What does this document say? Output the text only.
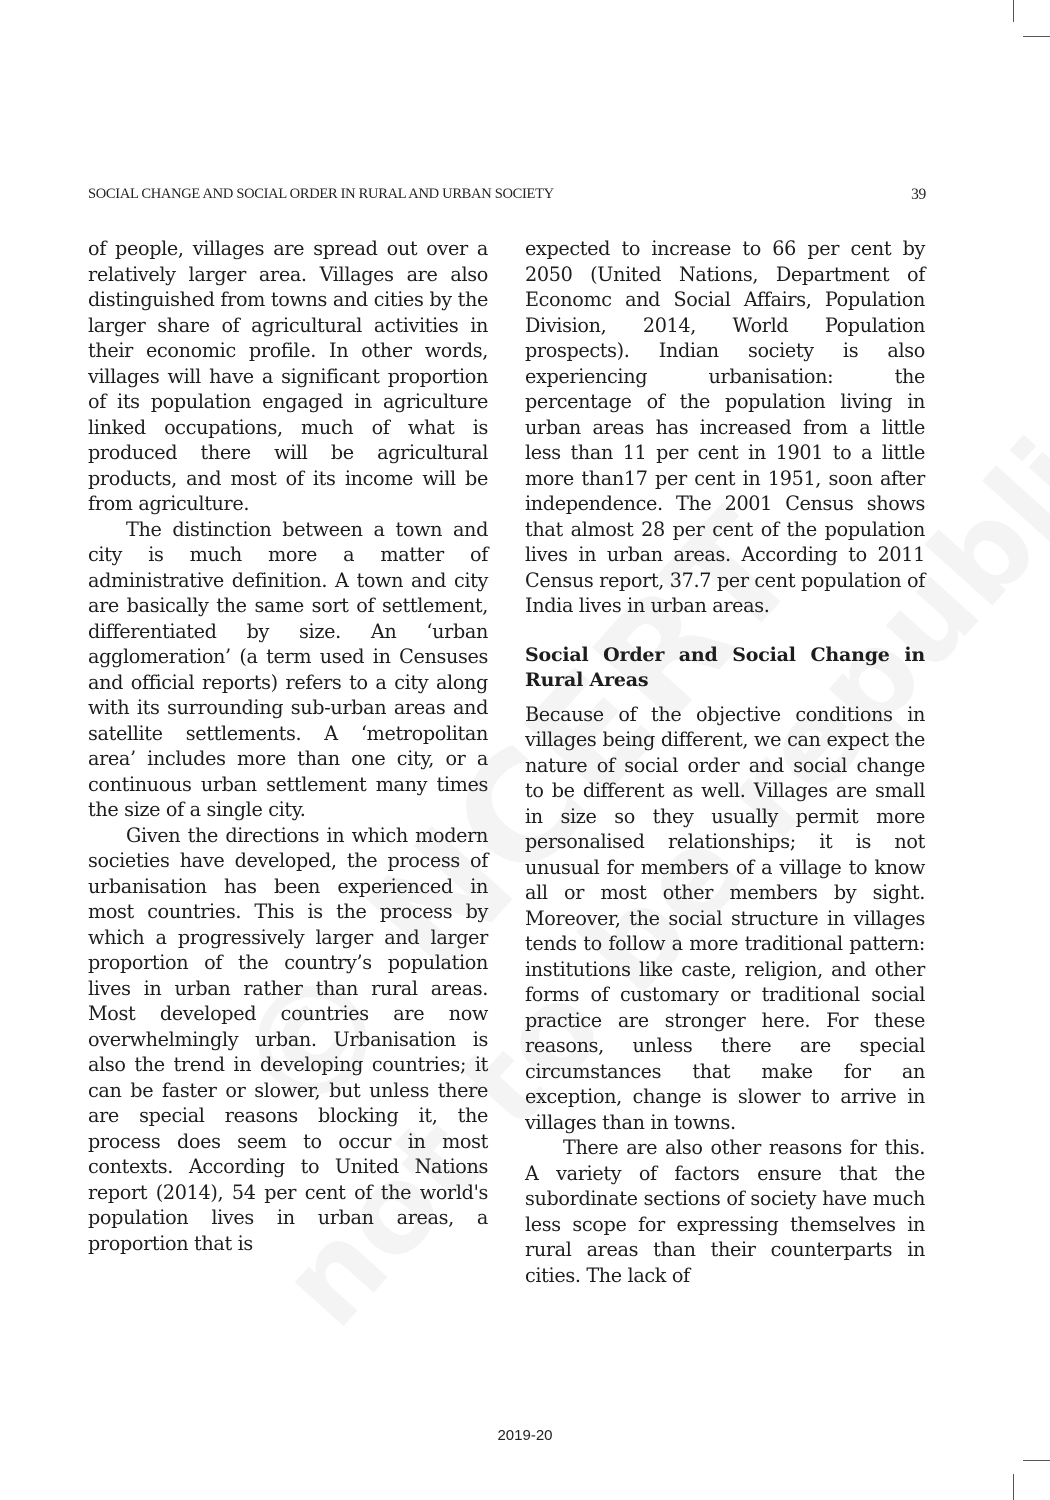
SOCIAL CHANGE AND SOCIAL ORDER IN RURAL AND URBAN SOCIETY	39

of people, villages are spread out over a relatively larger area. Villages are also distinguished from towns and cities by the larger share of agricultural activities in their economic profile. In other words, villages will have a significant proportion of its population engaged in agriculture linked occupations, much of what is produced there will be agricultural products, and most of its income will be from agriculture.

The distinction between a town and city is much more a matter of administrative definition. A town and city are basically the same sort of settlement, differentiated by size. An ‘urban agglomeration’ (a term used in Censuses and official reports) refers to a city along with its surrounding sub-urban areas and satellite settlements. A ‘metropolitan area’ includes more than one city, or a continuous urban settlement many times the size of a single city.

Given the directions in which modern societies have developed, the process of urbanisation has been experienced in most countries. This is the process by which a progressively larger and larger proportion of the country’s population lives in urban rather than rural areas. Most developed countries are now overwhelmingly urban. Urbanisation is also the trend in developing countries; it can be faster or slower, but unless there are special reasons blocking it, the process does seem to occur in most contexts. According to United Nations report (2014), 54 per cent of the world's population lives in urban areas, a proportion that is

expected to increase to 66 per cent by 2050 (United Nations, Department of Economc and Social Affairs, Population Division, 2014, World Population prospects). Indian society is also experiencing urbanisation: the percentage of the population living in urban areas has increased from a little less than 11 per cent in 1901 to a little more than17 per cent in 1951, soon after independence. The 2001 Census shows that almost 28 per cent of the population lives in urban areas. According to 2011 Census report, 37.7 per cent population of India lives in urban areas.

Social Order and Social Change in Rural Areas

Because of the objective conditions in villages being different, we can expect the nature of social order and social change to be different as well. Villages are small in size so they usually permit more personalised relationships; it is not unusual for members of a village to know all or most other members by sight. Moreover, the social structure in villages tends to follow a more traditional pattern: institutions like caste, religion, and other forms of customary or traditional social practice are stronger here. For these reasons, unless there are special circumstances that make for an exception, change is slower to arrive in villages than in towns.

There are also other reasons for this. A variety of factors ensure that the subordinate sections of society have much less scope for expressing themselves in rural areas than their counterparts in cities. The lack of

2019-20
